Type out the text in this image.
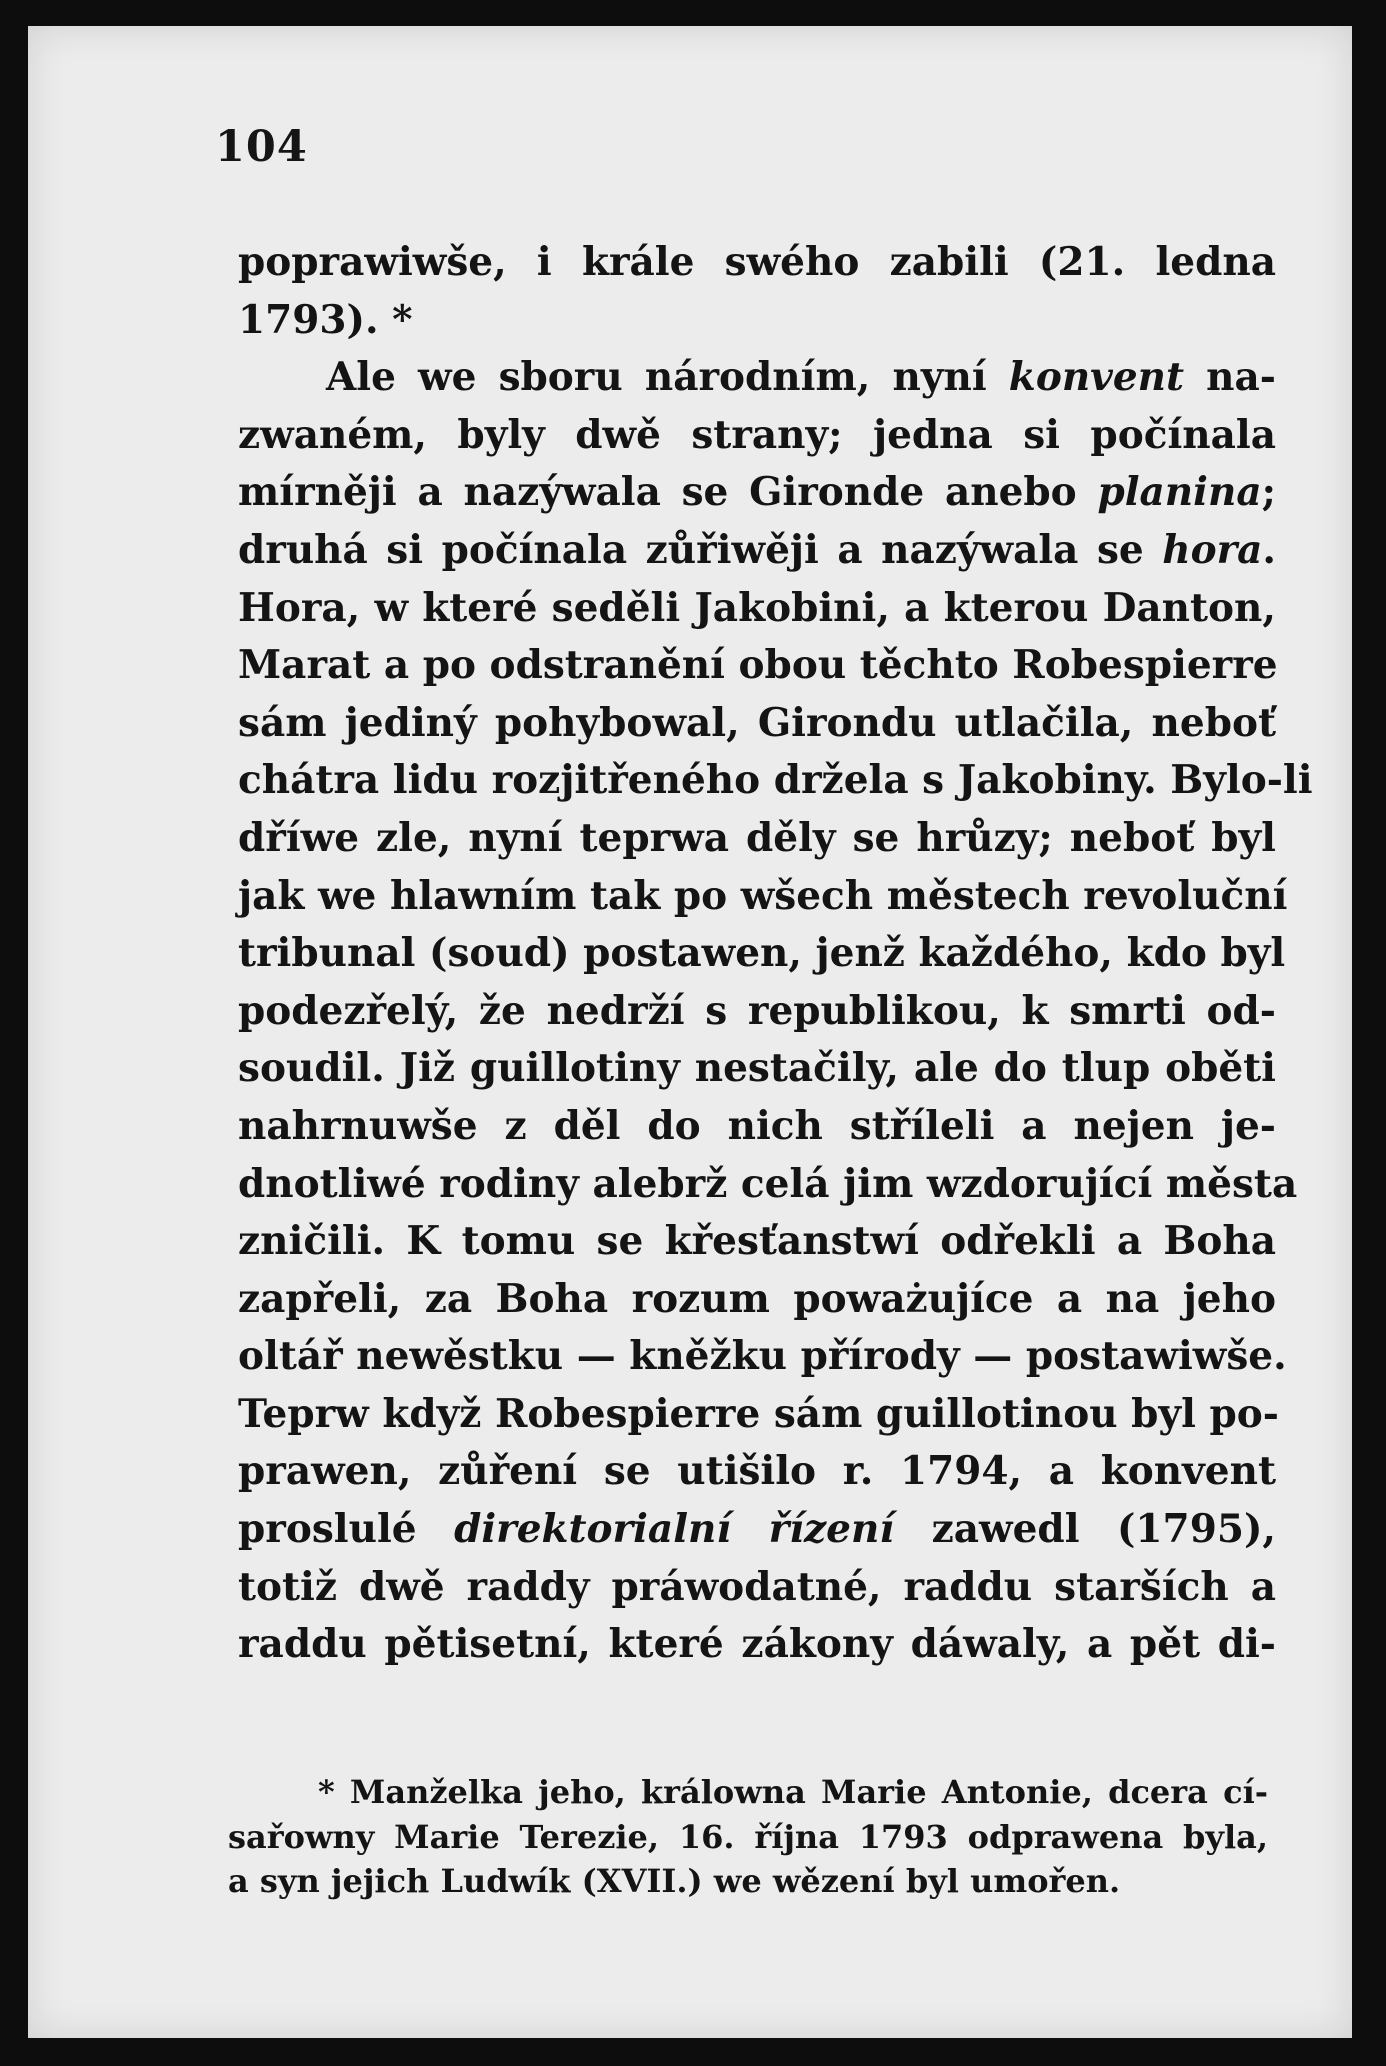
104
poprawiwše, i krále swého zabili (21. ledna
1793). *
Ale we sboru národním, nyní konvent na-
zwaném, byly dwě strany; jedna si počínala
mírněji a nazýwala se Gironde anebo planina;
druhá si počínala zůřiwěji a nazýwala se hora.
Hora, w které seděli Jakobini, a kterou Danton,
Marat a po odstranění obou těchto Robespierre
sám jediný pohybowal, Girondu utlačila, neboť
chátra lidu rozjitřeného držela s Jakobiny. Bylo-li
dříwe zle, nyní teprwa děly se hrůzy; neboť byl
jak we hlawním tak po wšech městech revoluční
tribunal (soud) postawen, jenž každého, kdo byl
podezřelý, že nedrží s republikou, k smrti od-
soudil. Již guillotiny nestačily, ale do tlup oběti
nahrnuwše z děl do nich stříleli a nejen je-
dnotliwé rodiny alebrž celá jim wzdorující města
zničili. K tomu se křesťanstwí odřekli a Boha
zapřeli, za Boha rozum poważujíce a na jeho
oltář newěstku — kněžku přírody — postawiwše.
Teprw když Robespierre sám guillotinou byl po-
prawen, zůření se utišilo r. 1794, a konvent
proslulé direktorialní řízení zawedl (1795),
totiž dwě raddy práwodatné, raddu starších a
raddu pětisetní, které zákony dáwaly, a pět di-
* Manželka jeho, králowna Marie Antonie, dcera cí-
sařowny Marie Terezie, 16. října 1793 odprawena byla,
a syn jejich Ludwík (XVII.) we wězení byl umořen.
